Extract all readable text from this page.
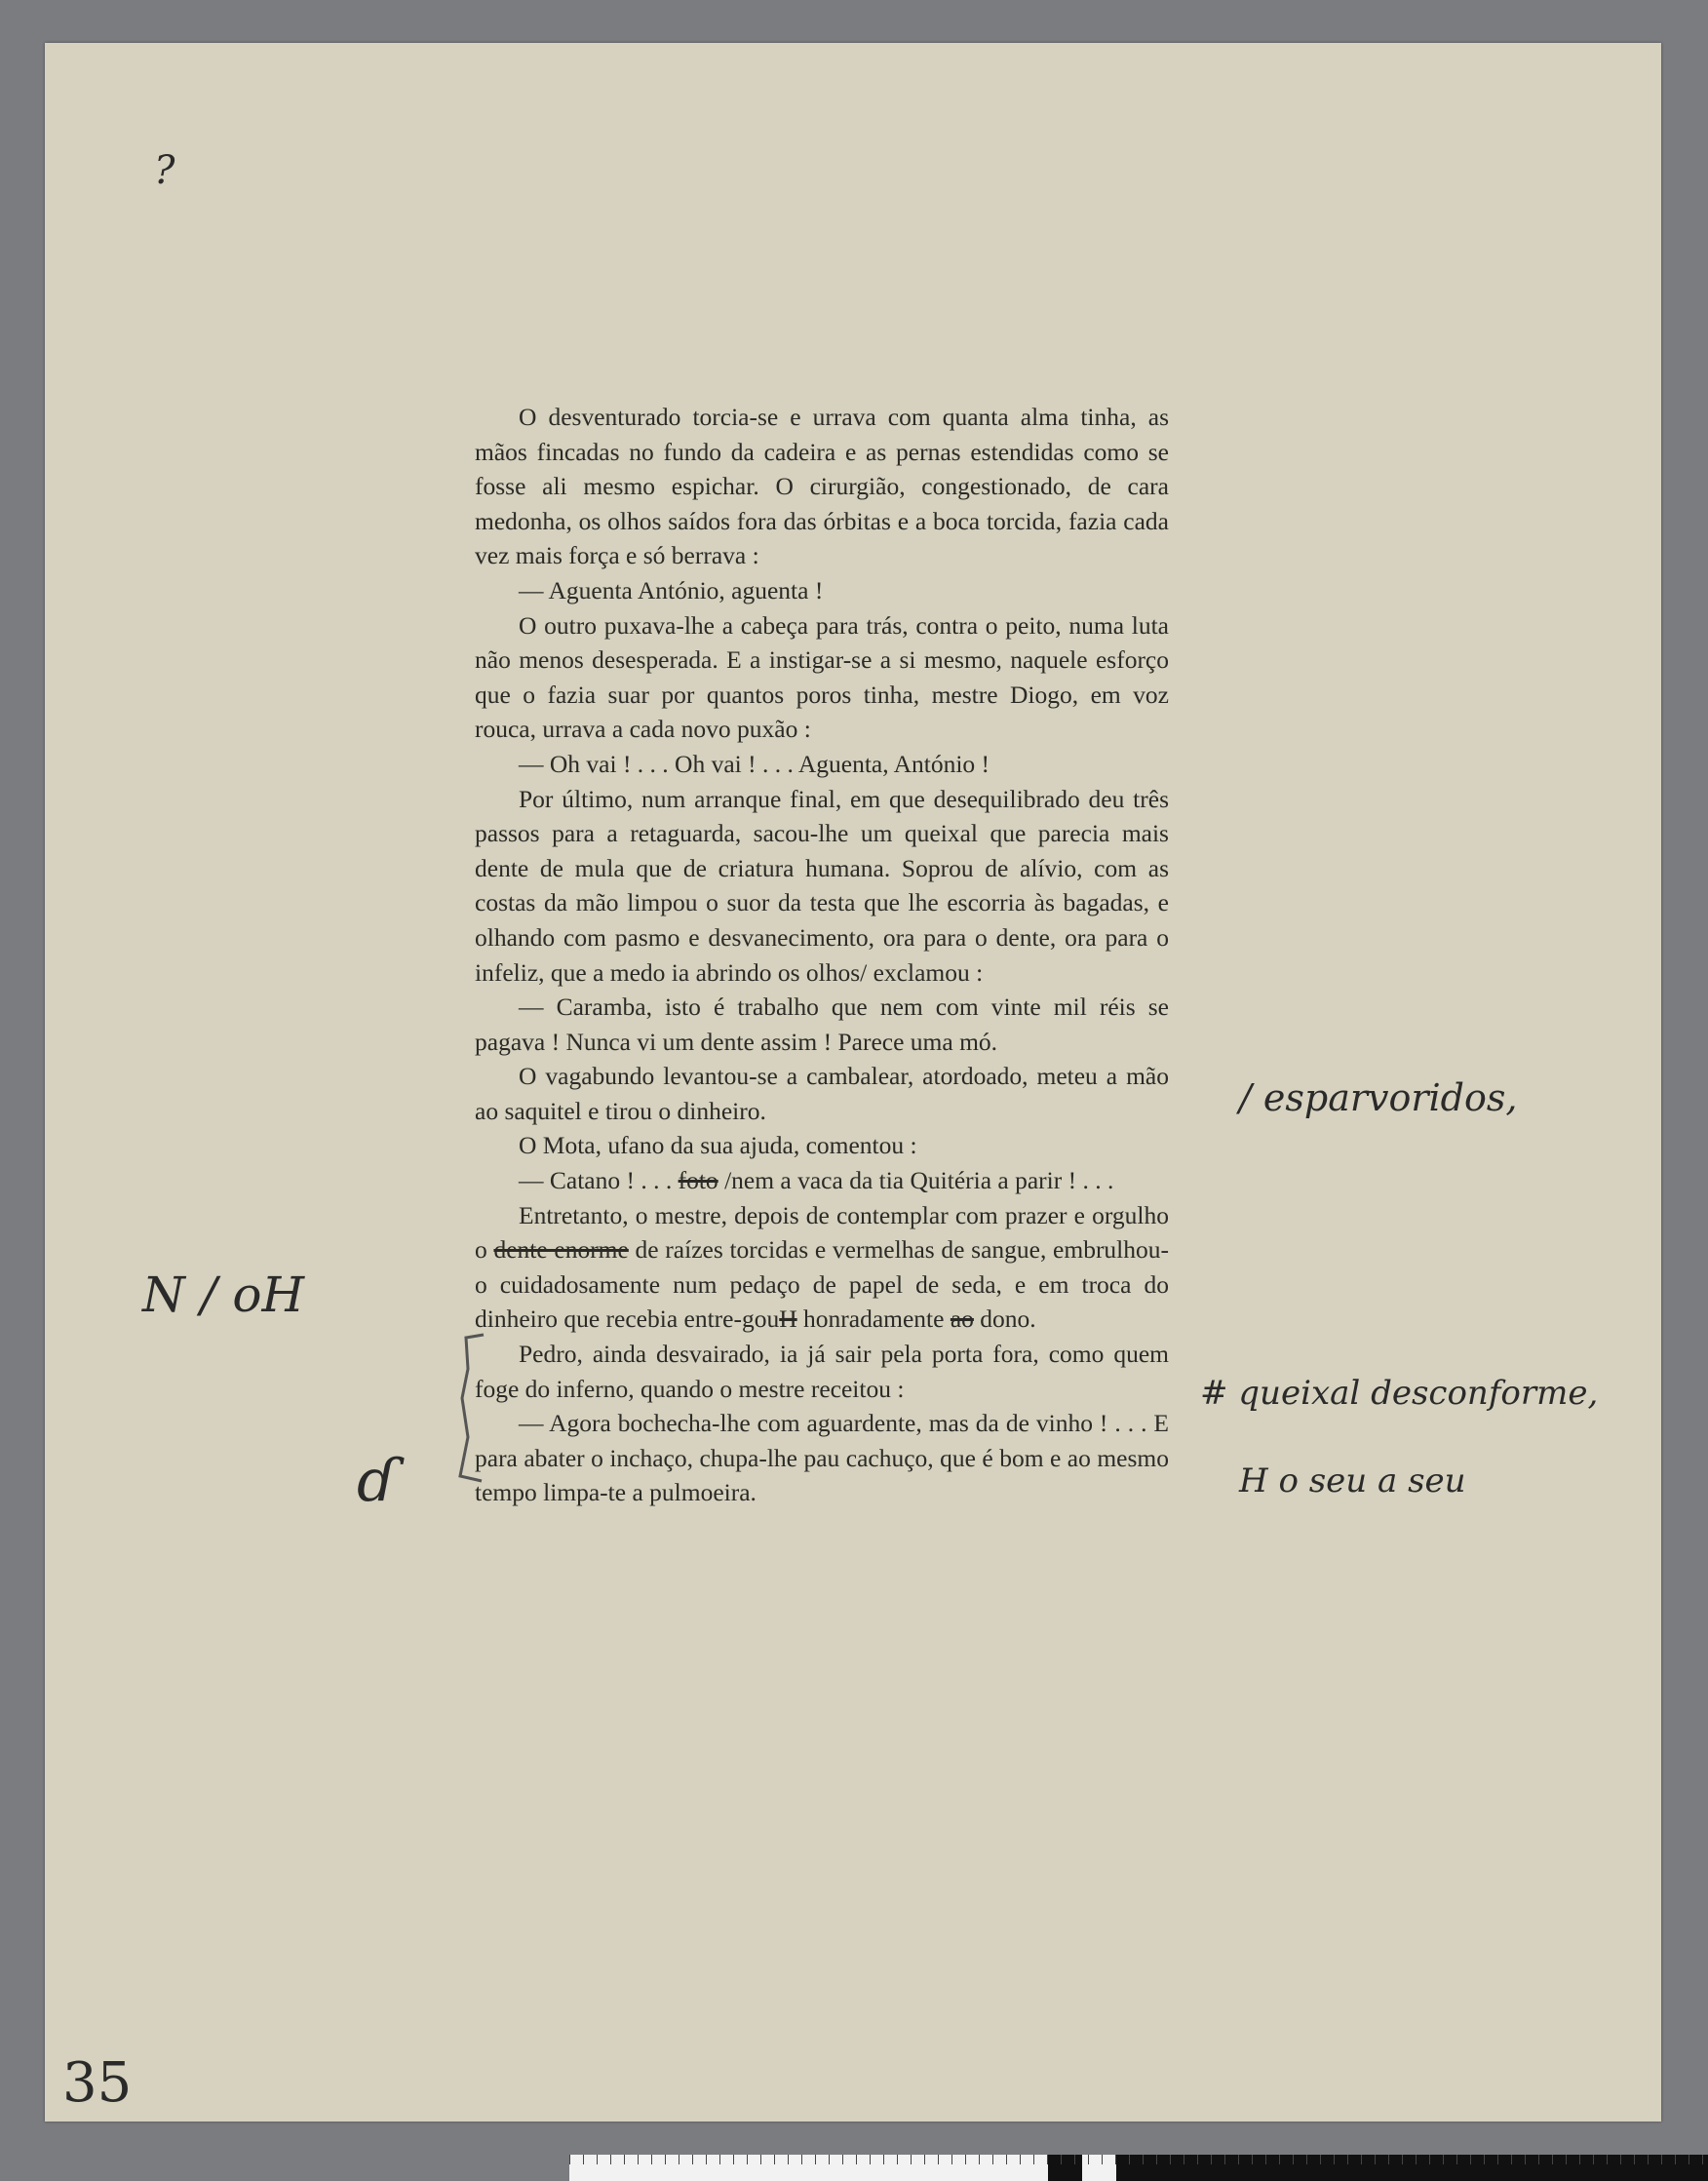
?

O desventurado torcia-se e urrava com quanta alma tinha, as mãos fincadas no fundo da cadeira e as pernas estendidas como se fosse ali mesmo espichar. O cirurgião, congestionado, de cara medonha, os olhos saídos fora das órbitas e a boca torcida, fazia cada vez mais força e só berrava :

— Aguenta António, aguenta !

O outro puxava-lhe a cabeça para trás, contra o peito, numa luta não menos desesperada. E a instigar-se a si mesmo, naquele esforço que o fazia suar por quantos poros tinha, mestre Diogo, em voz rouca, urrava a cada novo puxão :

— Oh vai ! . . . Oh vai ! . . . Aguenta, António !

Por último, num arranque final, em que desequilibrado deu três passos para a retaguarda, sacou-lhe um queixal que parecia mais dente de mula que de criatura humana. Soprou de alívio, com as costas da mão limpou o suor da testa que lhe escorria às bagadas, e olhando com pasmo e desvanecimento, ora para o dente, ora para o infeliz, que a medo ia abrindo os olhos/ exclamou :

— Caramba, isto é trabalho que nem com vinte mil réis se pagava ! Nunca vi um dente assim ! Parece uma mó.

O vagabundo levantou-se a cambalear, atordoado, meteu a mão ao saquitel e tirou o dinheiro.

O Mota, ufano da sua ajuda, comentou :

— Catano ! . . . foto /nem a vaca da tia Quitéria a parir ! . . .

Entretanto, o mestre, depois de contemplar com prazer e orgulho o dente enorme de raízes torcidas e vermelhas de sangue, embrulhou-o cuidadosamente num pedaço de papel de seda, e em troca do dinheiro que recebia entre-gouH honradamente ao dono.

Pedro, ainda desvairado, ia já sair pela porta fora, como quem foge do inferno, quando o mestre receitou :

— Agora bochecha-lhe com aguardente, mas da de vinho ! . . . E para abater o inchaço, chupa-lhe pau cachuço, que é bom e ao mesmo tempo limpa-te a pulmoeira.

/ esparvoridos,
# queixal desconforme,
H o seu a seu
N / oH
ɗ
35
